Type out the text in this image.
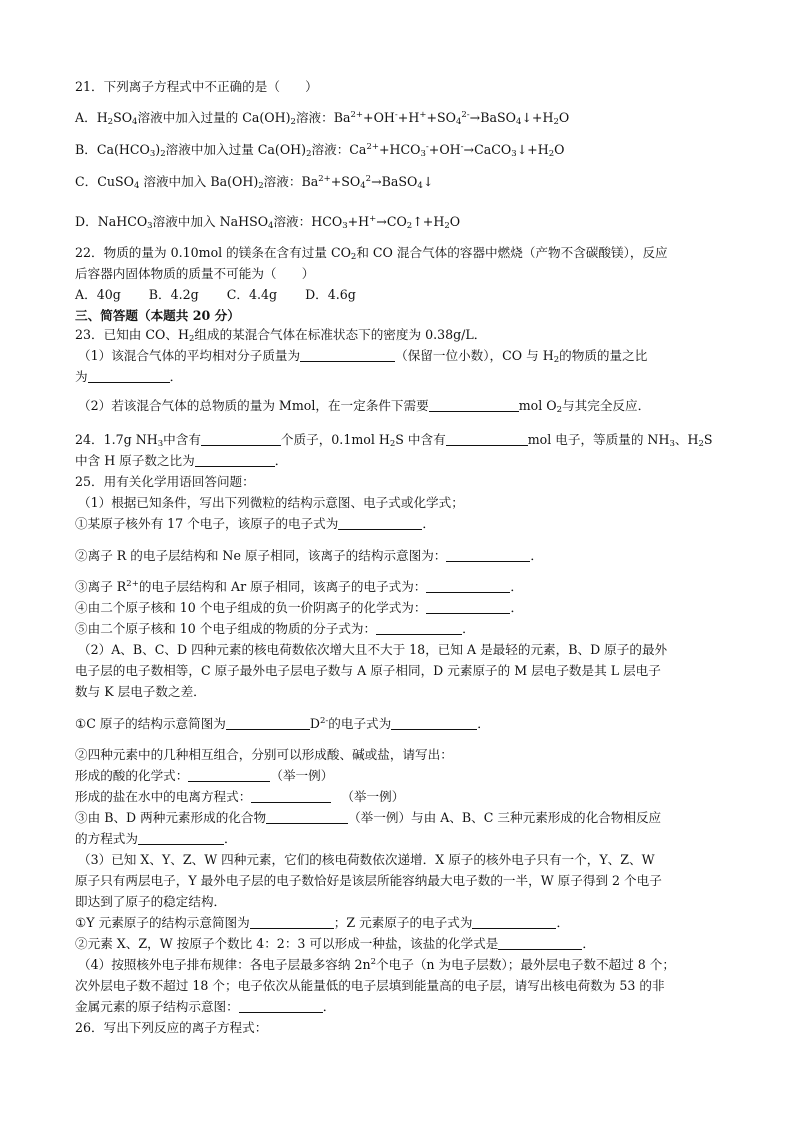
21．下列离子方程式中不正确的是（　　）
A．$H_2SO_4$溶液中加入过量的 $Ca(OH)_2$溶液：$Ba^{2+}+OH^-+H^++SO_4^{2-}\to BaSO_4↓+H_2O$
B．$Ca(HCO_3)_2$溶液中加入过量 $Ca(OH)_2$溶液：$Ca^{2+}+HCO_3^-+OH^-\to CaCO_3↓+H_2O$
C．CuSO$_4$ 溶液中加入 $Ba(OH)_2$溶液：$Ba^{2+}+SO_4^2\to BaSO_4↓$
D．NaHCO$_3$溶液中加入 NaHSO$_4$溶液：$HCO_3+H^+\to CO_2↑+H_2O$
22．物质的量为 0.10mol 的镁条在含有过量 $CO_2$和 CO 混合气体的容器中燃烧（产物不含碳酸镁），反应
后容器内固体物质的质量不可能为（　　）
A．40g B．4.2g C．4.4g D．4.6g
三、简答题（本题共 20 分）
23．已知由 CO、$H_2$组成的某混合气体在标准状态下的密度为 0.38g/L．
（1）该混合气体的平均相对分子质量为	（保留一位小数），CO 与 $H_2$的物质的量之比
为	．
（2）若该混合气体的总物质的量为 Mmol，在一定条件下需要	mol $O_2$与其完全反应．
24．1.7g $NH_3$中含有	个质子，0.1mol $H_2S$ 中含有	mol 电子，等质量的 $NH_3$、$H_2S$
中含 H 原子数之比为	．
25．用有关化学用语回答问题：
（1）根据已知条件，写出下列微粒的结构示意图、电子式或化学式；
①某原子核外有 17 个电子，该原子的电子式为	．
②离子 R 的电子层结构和 Ne 原子相同，该离子的结构示意图为：	．
③离子 $R^{2+}$的电子层结构和 Ar 原子相同，该离子的电子式为：	．
④由二个原子核和 10 个电子组成的负一价阴离子的化学式为：	．
⑤由二个原子核和 10 个电子组成的物质的分子式为：	．
（2）A、B、C、D 四种元素的核电荷数依次增大且不大于 18，已知 A 是最轻的元素，B、D 原子的最外
电子层的电子数相等，C 原子最外电子层电子数与 A 原子相同，D 元素原子的 M 层电子数是其 L 层电子
数与 K 层电子数之差．
①C 原子的结构示意简图为	$D^{2-}$的电子式为	．
②四种元素中的几种相互组合，分别可以形成酸、碱或盐，请写出：
形成的酸的化学式：	（举一例）
形成的盐在水中的电离方程式：	（举一例）
③由 B、D 两种元素形成的化合物	（举一例）与由 A、B、C 三种元素形成的化合物相反应
的方程式为	．
（3）已知 X、Y、Z、W 四种元素，它们的核电荷数依次递增．X 原子的核外电子只有一个，Y、Z、W
原子只有两层电子，Y 最外电子层的电子数恰好是该层所能容纳最大电子数的一半，W 原子得到 2 个电子
即达到了原子的稳定结构．
①Y 元素原子的结构示意简图为	；Z 元素原子的电子式为	．
②元素 X、Z，W 按原子个数比 4：2：3 可以形成一种盐，该盐的化学式是	．
（4）按照核外电子排布规律：各电子层最多容纳 $2n^2$个电子（n 为电子层数）；最外层电子数不超过 8 个；
次外层电子数不超过 18 个；电子依次从能量低的电子层填到能量高的电子层，请写出核电荷数为 53 的非
金属元素的原子结构示意图：	．
26．写出下列反应的离子方程式：
